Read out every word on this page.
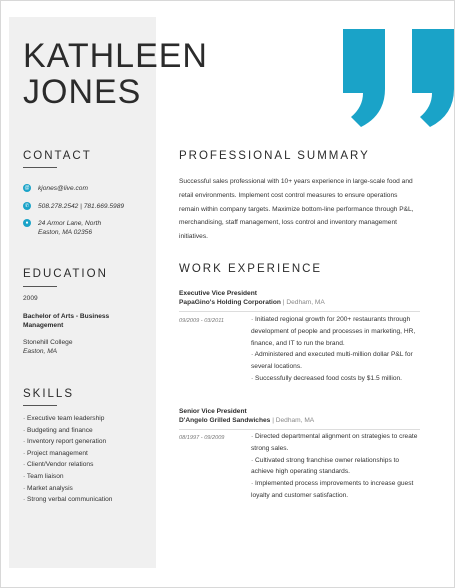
KATHLEEN
JONES
CONTACT
@ kjones@live.com
✆ 508.278.2542 | 781.669.5989
●	24 Armor Lane, North
Easton, MA 02356
EDUCATION
2009
Bachelor of Arts - Business
Management
Stonehill College
Easton, MA
SKILLS
· Executive team leadership
· Budgeting and finance
· Inventory report generation
· Project management
· Client/Vendor relations
· Team liaison
· Market analysis
· Strong verbal communication
PROFESSIONAL SUMMARY
Successful sales professional with 10+ years experience in large-scale food and retail environments. Implement cost control measures to ensure operations remain within company targets. Maximize bottom-line performance through P&L, merchandising, staff management, loss control and inventory management initiatives.
WORK EXPERIENCE
Executive Vice President
PapaGino's Holding Corporation | Dedham, MA
09/2009 - 03/2011	· Initiated regional growth for 200+ restaurants through development of people and processes in marketing, HR, finance, and IT to run the brand.
· Administered and executed multi-million dollar P&L for several locations.
· Successfully decreased food costs by $1.5 million.
Senior Vice President
D'Angelo Grilled Sandwiches | Dedham, MA
08/1997 - 09/2009	· Directed departmental alignment on strategies to create strong sales.
· Cultivated strong franchise owner relationships to achieve high operating standards.
· Implemented process improvements to increase guest loyalty and customer satisfaction.
